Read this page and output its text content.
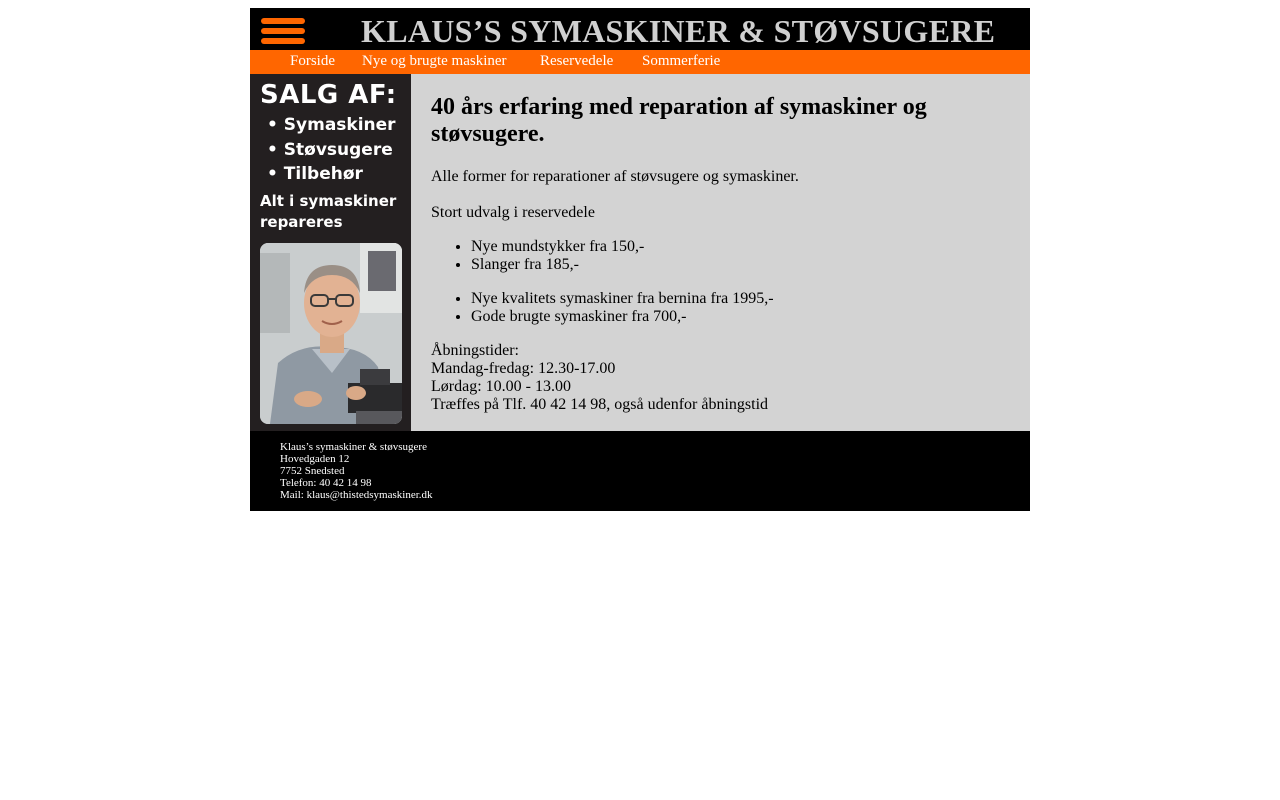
KLAUS’S SYMASKINER & STØVSUGERE
Forside Nye og brugte maskiner Reservedele Sommerferie
SALG AF:
• Symaskiner
• Støvsugere
• Tilbehør
Alt i symaskiner repareres
40 års erfaring med reparation af symaskiner og støvsugere.

Alle former for reparationer af støvsugere og symaskiner.

Stort udvalg i reservedele

• Nye mundstykker fra 150,-
• Slanger fra 185,-
• Nye kvalitets symaskiner fra bernina fra 1995,-
• Gode brugte symaskiner fra 700,-

Åbningstider:

Mandag-fredag: 12.30-17.00

Lørdag: 10.00 - 13.00

Træffes på Tlf. 40 42 14 98, også udenfor åbningstid

Klaus’s symaskiner & støvsugere
Hovedgaden 12
7752 Snedsted
Telefon: 40 42 14 98
Mail: klaus@thistedsymaskiner.dk
